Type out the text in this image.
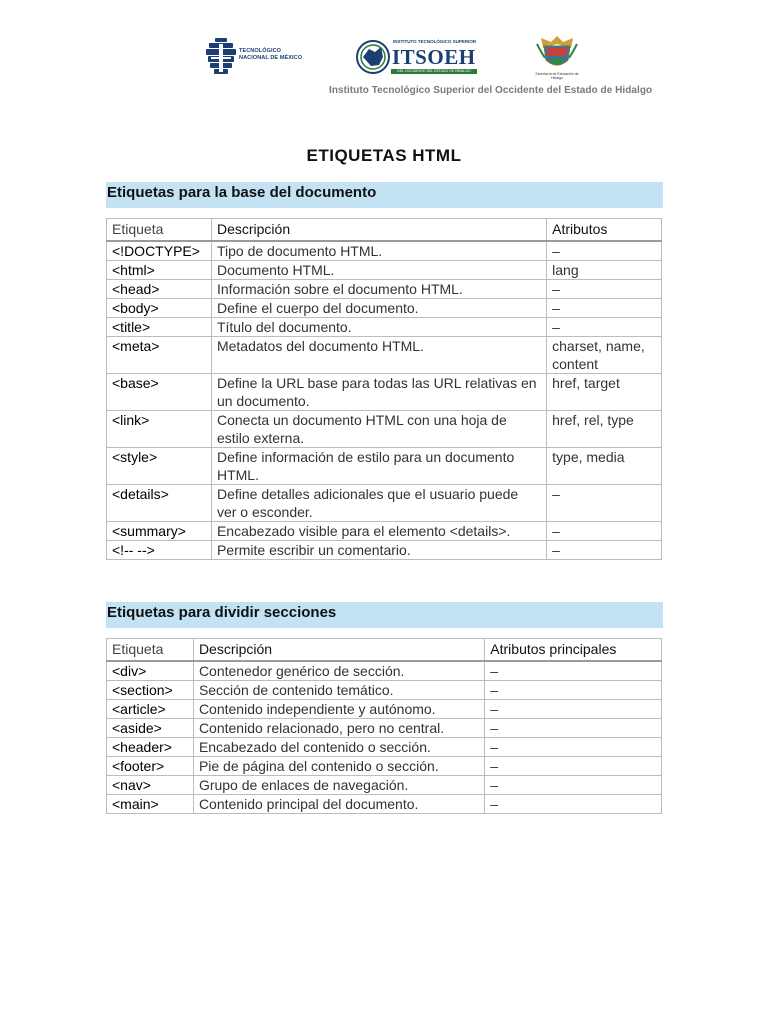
TECNOLÓGICO
NACIONAL DE MÉXICO
INSTITUTO TECNOLÓGICO SUPERIOR
ITSOEH
DEL OCCIDENTE DEL ESTADO DE HIDALGO
Secretaría de Educación de Hidalgo
Instituto Tecnológico Superior del Occidente del Estado de Hidalgo
ETIQUETAS HTML
Etiquetas para la base del documento
Etiqueta	Descripción	Atributos
<!DOCTYPE>	Tipo de documento HTML.	–
<html>	Documento HTML.	lang
<head>	Información sobre el documento HTML.	–
<body>	Define el cuerpo del documento.	–
<title>	Título del documento.	–
<meta>	Metadatos del documento HTML.	charset, name, content
<base>	Define la URL base para todas las URL relativas en un documento.	href, target
<link>	Conecta un documento HTML con una hoja de estilo externa.	href, rel, type
<style>	Define información de estilo para un documento HTML.	type, media
<details>	Define detalles adicionales que el usuario puede ver o esconder.	–
<summary>	Encabezado visible para el elemento <details>.	–
<!-- -->	Permite escribir un comentario.	–
Etiquetas para dividir secciones
Etiqueta	Descripción	Atributos principales
<div>	Contenedor genérico de sección.	–
<section>	Sección de contenido temático.	–
<article>	Contenido independiente y autónomo.	–
<aside>	Contenido relacionado, pero no central.	–
<header>	Encabezado del contenido o sección.	–
<footer>	Pie de página del contenido o sección.	–
<nav>	Grupo de enlaces de navegación.	–
<main>	Contenido principal del documento.	–
